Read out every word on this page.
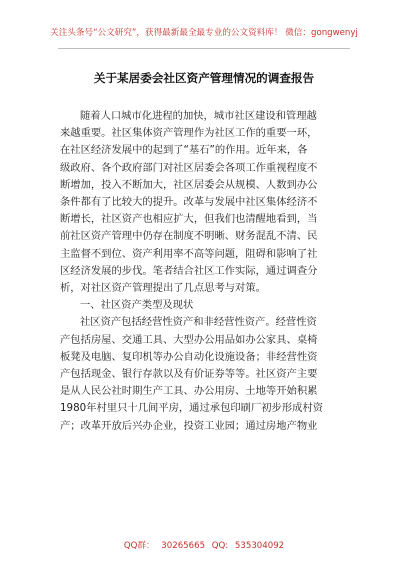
关注头条号“公文研究”，获得最新最全最专业的公文资料库！ 微信：gongwenyj
关于某居委会社区资产管理情况的调查报告
随着人口城市化进程的加快，城市社区建设和管理越
来越重要。社区集体资产管理作为社区工作的重要一环，
在社区经济发展中的起到了“基石”的作用。近年来，各
级政府、各个政府部门对社区居委会各项工作重视程度不
断增加，投入不断加大，社区居委会从规模、人数到办公
条件都有了比较大的提升。改革与发展中社区集体经济不
断增长，社区资产也相应扩大，但我们也清醒地看到，当
前社区资产管理中仍存在制度不明晰、财务混乱不清、民
主监督不到位、资产利用率不高等问题，阻碍和影响了社
区经济发展的步伐。笔者结合社区工作实际，通过调查分
析，对社区资产管理提出了几点思考与对策。
一、社区资产类型及现状
社区资产包括经营性资产和非经营性资产。经营性资
产包括房屋、交通工具、大型办公用品如办公家具、桌椅
板凳及电脑、复印机等办公自动化设施设备；非经营性资
产包括现金、银行存款以及有价证券等等。社区资产主要
是从人民公社时期生产工具、办公用房、土地等开始积累
1980年村里只十几间平房，通过承包印刷厂初步形成村资
产；改革开放后兴办企业，投资工业园；通过房地产物业
QQ群： 30265665 QQ: 535304092
